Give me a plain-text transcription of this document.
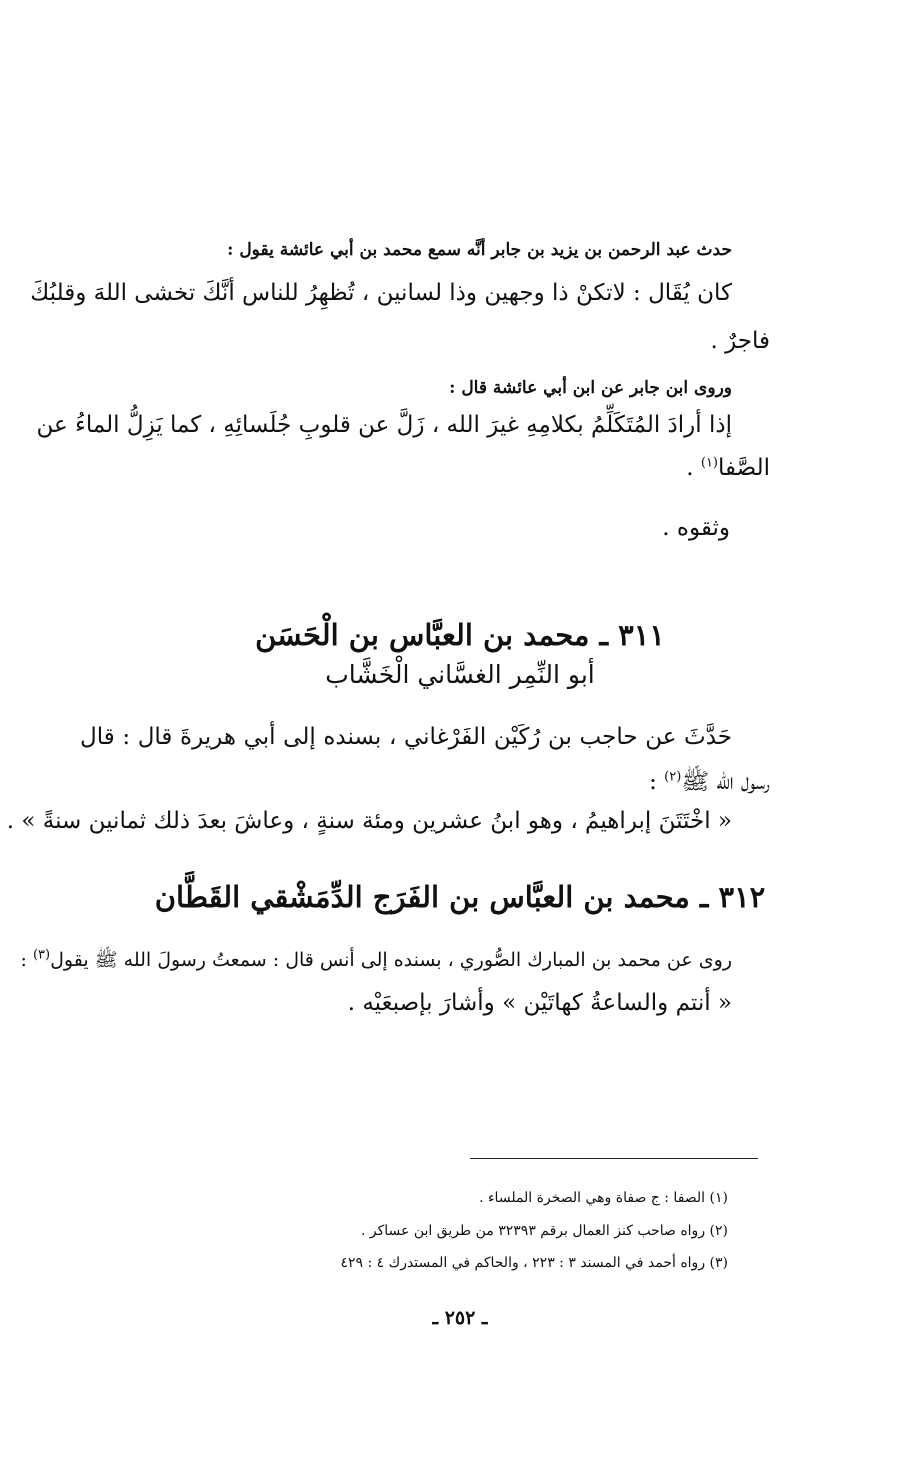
حدث عبد الرحمن بن يزيد بن جابر أنَّه سمع محمد بن أبي عائشة يقول :
كان يُقَال : لاتكنْ ذا وجهين وذا لسانين ، تُظهِرُ للناس أنَّكَ تخشى اللهَ وقلبُكَ
فاجرٌ .
وروى ابن جابر عن ابن أبي عائشة قال :
إذا أرادَ المُتَكَلِّمُ بكلامِهِ غيرَ الله ، زَلَّ عن قلوبِ جُلَسائِهِ ، كما يَزِلُّ الماءُ عن
الصَّفا$^{(١)}$ .
وثقوه .
٣١١ ـ محمد بن العبَّاس بن الْحَسَن
أبو النِّمِر الغسَّاني الْخَشَّاب
حَدَّثَ عن حاجب بن رُكَيْن الفَرْغاني ، بسنده إلى أبي هريرةَ قال : قال
رسول الله ﷺ$^{(٢)}$ :
« اخْتَتَنَ إبراهيمُ ، وهو ابنُ عشرين ومئة سنةٍ ، وعاشَ بعدَ ذلك ثمانين سنةً » .
٣١٢ ـ محمد بن العبَّاس بن الفَرَج الدِّمَشْقي القَطَّان
روى عن محمد بن المبارك الصُّوري ، بسنده إلى أنس قال : سمعتُ رسولَ الله ﷺ يقول$^{(٣)}$ :
« أنتم والساعةُ كهاتَيْن » وأشارَ بإصبعَيْه .
(١) الصفا : ج صفاة وهي الصخرة الملساء .
(٢) رواه صاحب كنز العمال برقم ٣٢٣٩٣ من طريق ابن عساكر .
(٣) رواه أحمد في المسند ٣ : ٢٢٣ ، والحاكم في المستدرك ٤ : ٤٢٩
ـ ٢٥٢ ـ
